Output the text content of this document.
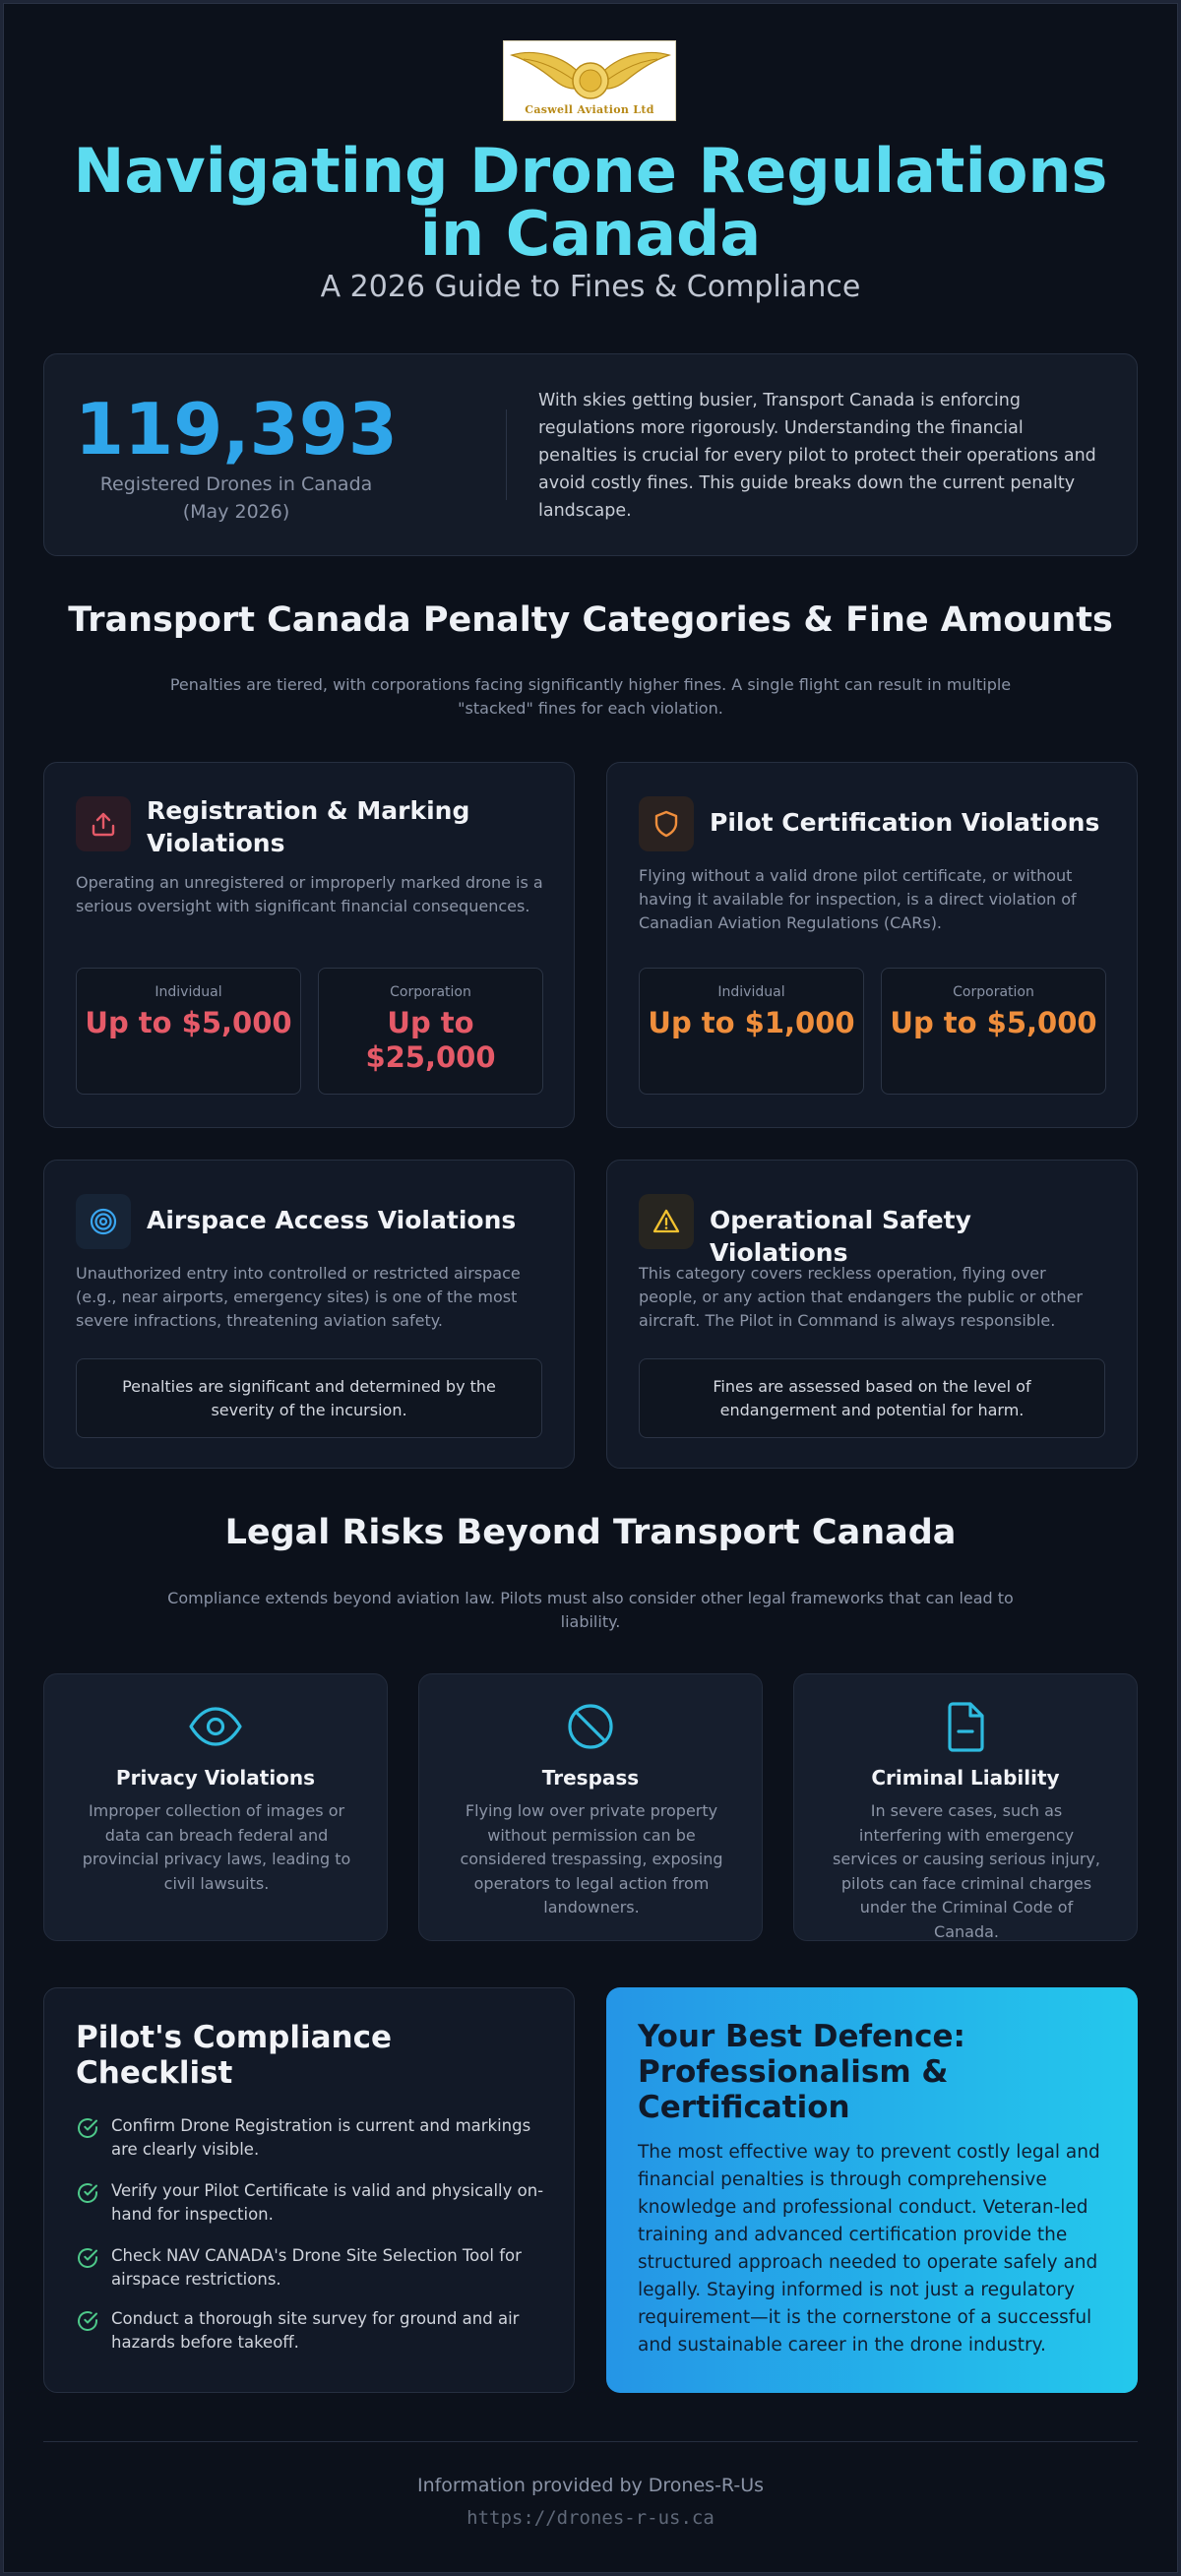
Caswell Aviation Ltd
Navigating Drone Regulations in Canada
A 2026 Guide to Fines & Compliance
119,393
Registered Drones in Canada (May 2026)
With skies getting busier, Transport Canada is enforcing regulations more rigorously. Understanding the financial penalties is crucial for every pilot to protect their operations and avoid costly fines. This guide breaks down the current penalty landscape.
Transport Canada Penalty Categories & Fine Amounts
Penalties are tiered, with corporations facing significantly higher fines. A single flight can result in multiple "stacked" fines for each violation.
Registration & Marking Violations
Operating an unregistered or improperly marked drone is a serious oversight with significant financial consequences.
Individual
Up to $5,000
Corporation
Up to $25,000
Pilot Certification Violations
Flying without a valid drone pilot certificate, or without having it available for inspection, is a direct violation of Canadian Aviation Regulations (CARs).
Individual
Up to $1,000
Corporation
Up to $5,000
Airspace Access Violations
Unauthorized entry into controlled or restricted airspace (e.g., near airports, emergency sites) is one of the most severe infractions, threatening aviation safety.
Penalties are significant and determined by the severity of the incursion.
Operational Safety Violations
This category covers reckless operation, flying over people, or any action that endangers the public or other aircraft. The Pilot in Command is always responsible.
Fines are assessed based on the level of endangerment and potential for harm.
Legal Risks Beyond Transport Canada
Compliance extends beyond aviation law. Pilots must also consider other legal frameworks that can lead to liability.
Privacy Violations
Improper collection of images or data can breach federal and provincial privacy laws, leading to civil lawsuits.
Trespass
Flying low over private property without permission can be considered trespassing, exposing operators to legal action from landowners.
Criminal Liability
In severe cases, such as interfering with emergency services or causing serious injury, pilots can face criminal charges under the Criminal Code of Canada.
Pilot's Compliance Checklist
Confirm Drone Registration is current and markings are clearly visible.
Verify your Pilot Certificate is valid and physically on-hand for inspection.
Check NAV CANADA's Drone Site Selection Tool for airspace restrictions.
Conduct a thorough site survey for ground and air hazards before takeoff.
Your Best Defence: Professionalism & Certification
The most effective way to prevent costly legal and financial penalties is through comprehensive knowledge and professional conduct. Veteran-led training and advanced certification provide the structured approach needed to operate safely and legally. Staying informed is not just a regulatory requirement—it is the cornerstone of a successful and sustainable career in the drone industry.
Information provided by Drones-R-Us
https://drones-r-us.ca
